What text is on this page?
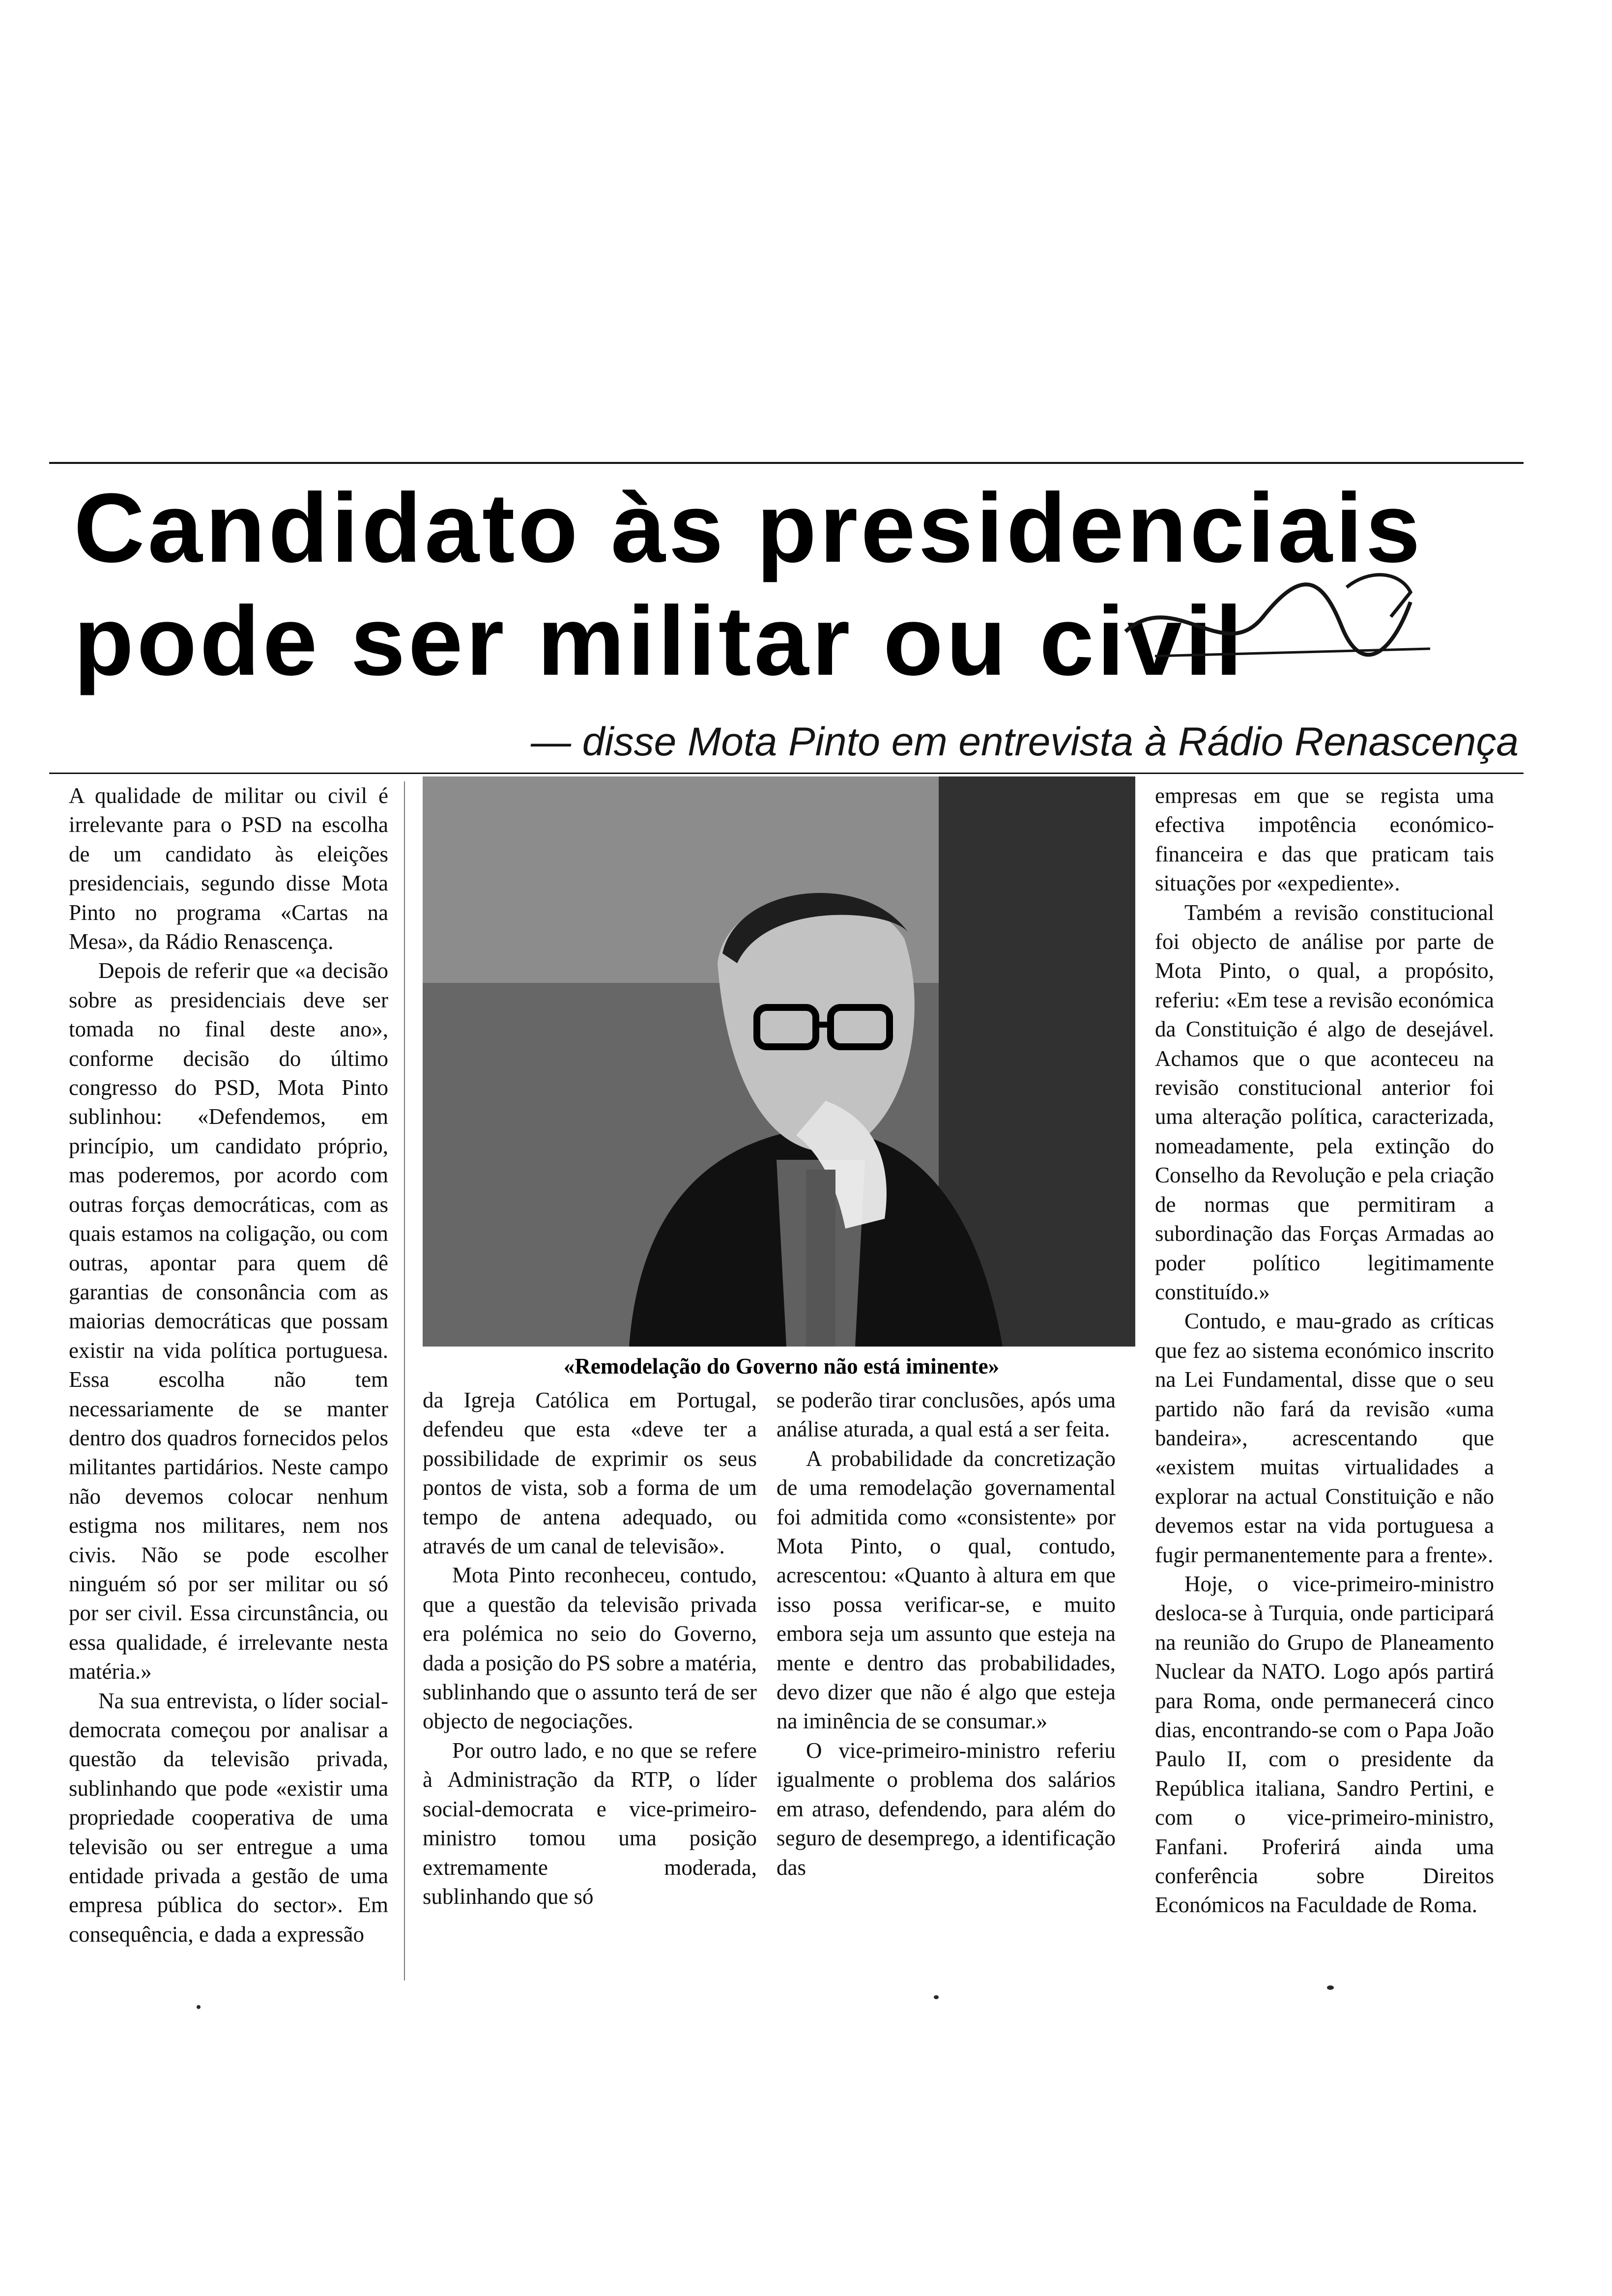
Candidato às presidenciais
pode ser militar ou civil
— disse Mota Pinto em entrevista à Rádio Renascença

A qualidade de militar ou civil é irrelevante para o PSD na escolha de um candidato às eleições presidenciais, segundo disse Mota Pinto no programa «Cartas na Mesa», da Rádio Renascença.

Depois de referir que «a decisão sobre as presidenciais deve ser tomada no final deste ano», conforme decisão do último congresso do PSD, Mota Pinto sublinhou: «Defendemos, em princípio, um candidato próprio, mas poderemos, por acordo com outras forças democráticas, com as quais estamos na coligação, ou com outras, apontar para quem dê garantias de consonância com as maiorias democráticas que possam existir na vida política portuguesa. Essa escolha não tem necessariamente de se manter dentro dos quadros fornecidos pelos militantes partidários. Neste campo não devemos colocar nenhum estigma nos militares, nem nos civis. Não se pode escolher ninguém só por ser militar ou só por ser civil. Essa circunstância, ou essa qualidade, é irrelevante nesta matéria.»

Na sua entrevista, o líder social-democrata começou por analisar a questão da televisão privada, sublinhando que pode «existir uma propriedade cooperativa de uma televisão ou ser entregue a uma entidade privada a gestão de uma empresa pública do sector». Em consequência, e dada a expressão

«Remodelação do Governo não está iminente»

da Igreja Católica em Portugal, defendeu que esta «deve ter a possibilidade de exprimir os seus pontos de vista, sob a forma de um tempo de antena adequado, ou através de um canal de televisão».

Mota Pinto reconheceu, contudo, que a questão da televisão privada era polémica no seio do Governo, dada a posição do PS sobre a matéria, sublinhando que o assunto terá de ser objecto de negociações.

Por outro lado, e no que se refere à Administração da RTP, o líder social-democrata e vice-primeiro-ministro tomou uma posição extremamente moderada, sublinhando que só

se poderão tirar conclusões, após uma análise aturada, a qual está a ser feita.

A probabilidade da concretização de uma remodelação governamental foi admitida como «consistente» por Mota Pinto, o qual, contudo, acrescentou: «Quanto à altura em que isso possa verificar-se, e muito embora seja um assunto que esteja na mente e dentro das probabilidades, devo dizer que não é algo que esteja na iminência de se consumar.»

O vice-primeiro-ministro referiu igualmente o problema dos salários em atraso, defendendo, para além do seguro de desemprego, a identificação das

empresas em que se regista uma efectiva impotência económico-financeira e das que praticam tais situações por «expediente».

Também a revisão constitucional foi objecto de análise por parte de Mota Pinto, o qual, a propósito, referiu: «Em tese a revisão económica da Constituição é algo de desejável. Achamos que o que aconteceu na revisão constitucional anterior foi uma alteração política, caracterizada, nomeadamente, pela extinção do Conselho da Revolução e pela criação de normas que permitiram a subordinação das Forças Armadas ao poder político legitimamente constituído.»

Contudo, e mau-grado as críticas que fez ao sistema económico inscrito na Lei Fundamental, disse que o seu partido não fará da revisão «uma bandeira», acrescentando que «existem muitas virtualidades a explorar na actual Constituição e não devemos estar na vida portuguesa a fugir permanentemente para a frente».

Hoje, o vice-primeiro-ministro desloca-se à Turquia, onde participará na reunião do Grupo de Planeamento Nuclear da NATO. Logo após partirá para Roma, onde permanecerá cinco dias, encontrando-se com o Papa João Paulo II, com o presidente da República italiana, Sandro Pertini, e com o vice-primeiro-ministro, Fanfani. Proferirá ainda uma conferência sobre Direitos Económicos na Faculdade de Roma.
